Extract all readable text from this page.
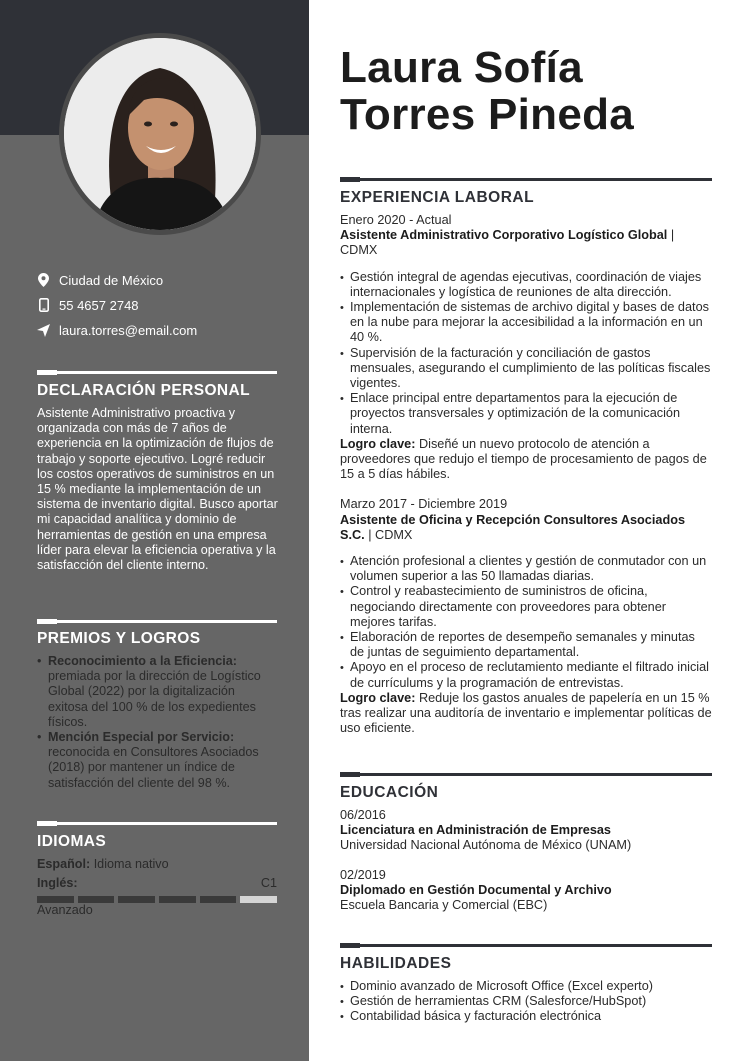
Ciudad de México
55 4657 2748
laura.torres@email.com
DECLARACIÓN PERSONAL
Asistente Administrativo proactiva y organizada con más de 7 años de experiencia en la optimización de flujos de trabajo y soporte ejecutivo. Logré reducir los costos operativos de suministros en un 15 % mediante la implementación de un sistema de inventario digital. Busco aportar mi capacidad analítica y dominio de herramientas de gestión en una empresa líder para elevar la eficiencia operativa y la satisfacción del cliente interno.
PREMIOS Y LOGROS
• Reconocimiento a la Eficiencia: premiada por la dirección de Logístico Global (2022) por la digitalización exitosa del 100 % de los expedientes físicos.
• Mención Especial por Servicio: reconocida en Consultores Asociados (2018) por mantener un índice de satisfacción del cliente del 98 %.
IDIOMAS
Español: Idioma nativo
Inglés:	C1
Avanzado
Laura Sofía
Torres Pineda
EXPERIENCIA LABORAL
Enero 2020 - Actual
Asistente Administrativo Corporativo Logístico Global | CDMX
• Gestión integral de agendas ejecutivas, coordinación de viajes internacionales y logística de reuniones de alta dirección.
• Implementación de sistemas de archivo digital y bases de datos en la nube para mejorar la accesibilidad a la información en un 40 %.
• Supervisión de la facturación y conciliación de gastos mensuales, asegurando el cumplimiento de las políticas fiscales vigentes.
• Enlace principal entre departamentos para la ejecución de proyectos transversales y optimización de la comunicación interna.
Logro clave: Diseñé un nuevo protocolo de atención a proveedores que redujo el tiempo de procesamiento de pagos de 15 a 5 días hábiles.
Marzo 2017 - Diciembre 2019
Asistente de Oficina y Recepción Consultores Asociados S.C. | CDMX
• Atención profesional a clientes y gestión de conmutador con un volumen superior a las 50 llamadas diarias.
• Control y reabastecimiento de suministros de oficina, negociando directamente con proveedores para obtener mejores tarifas.
• Elaboración de reportes de desempeño semanales y minutas de juntas de seguimiento departamental.
• Apoyo en el proceso de reclutamiento mediante el filtrado inicial de currículums y la programación de entrevistas.
Logro clave: Reduje los gastos anuales de papelería en un 15 % tras realizar una auditoría de inventario e implementar políticas de uso eficiente.
EDUCACIÓN
06/2016
Licenciatura en Administración de Empresas
Universidad Nacional Autónoma de México (UNAM)
02/2019
Diplomado en Gestión Documental y Archivo
Escuela Bancaria y Comercial (EBC)
HABILIDADES
• Dominio avanzado de Microsoft Office (Excel experto)
• Gestión de herramientas CRM (Salesforce/HubSpot)
• Contabilidad básica y facturación electrónica
